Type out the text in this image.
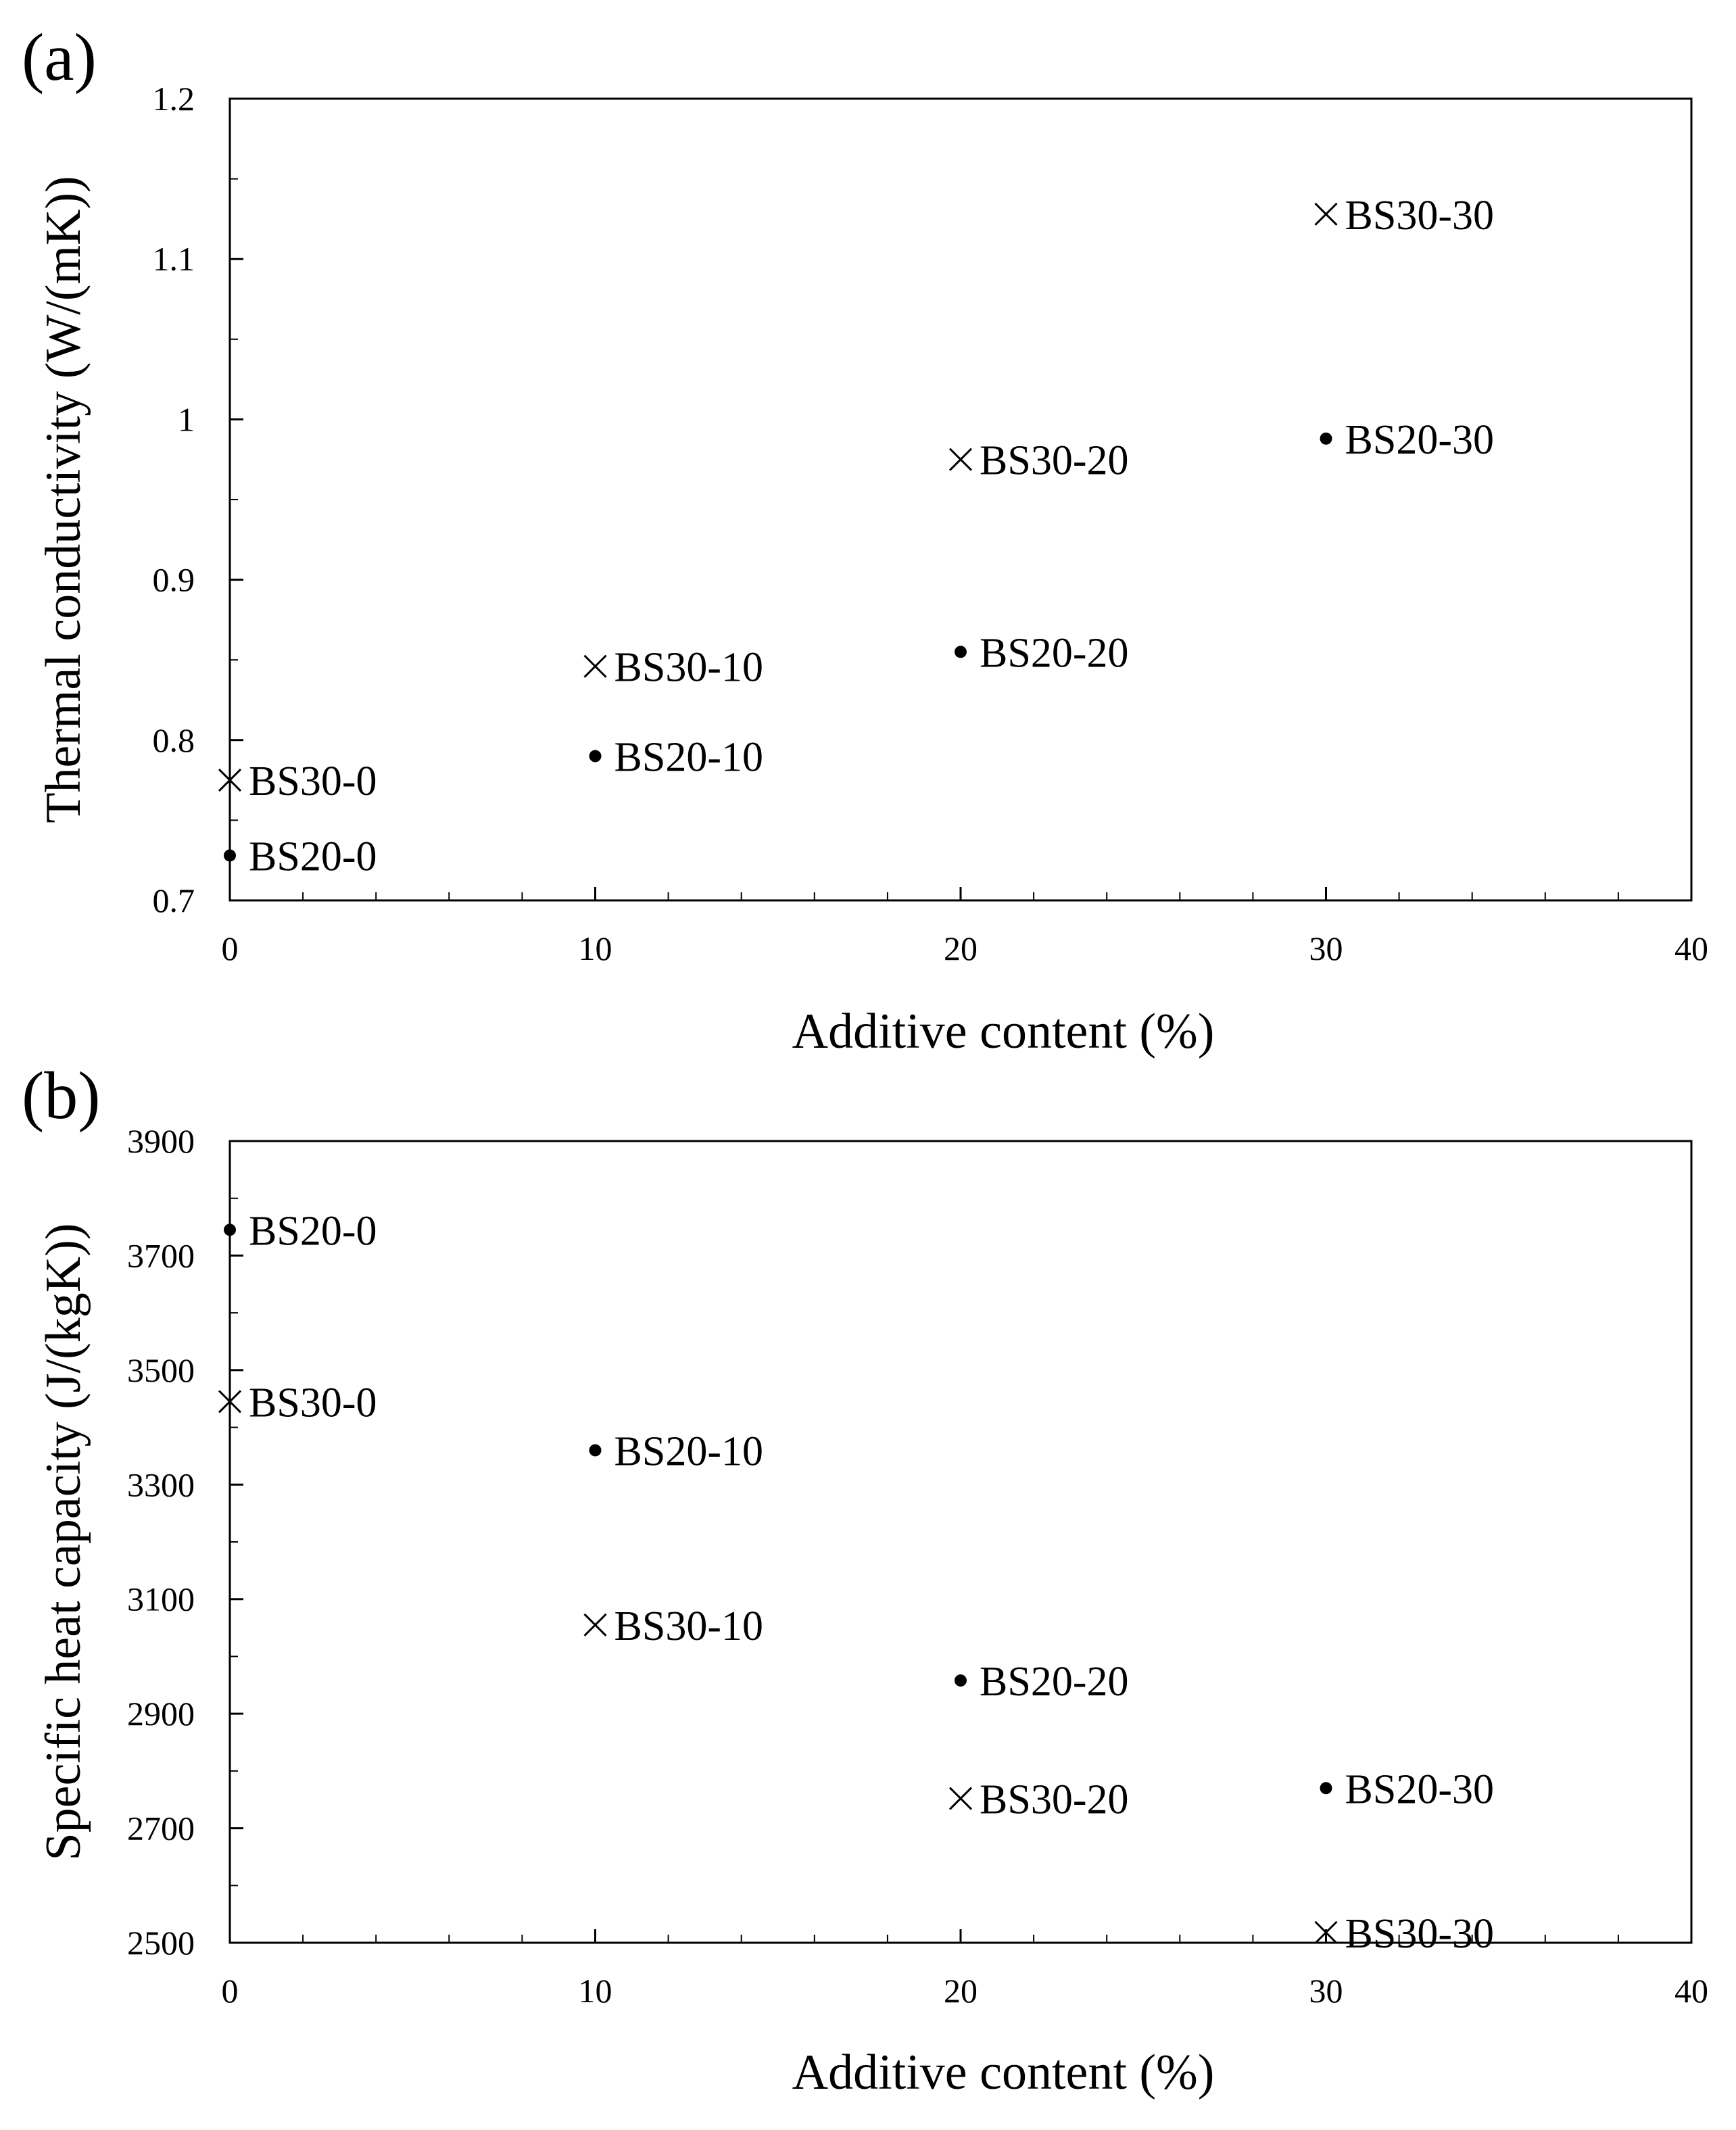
(a)
0	10	20	30	40
0.7
0.8
0.9
1
1.1
1.2
BS20-0
BS20-10
BS20-20
BS20-30
BS30-0
BS30-10
BS30-20
BS30-30
Additive content (%)
Thermal conductivity (W/(mK))
(b)
0	10	20	30	40
2500
2700
2900
3100
3300
3500
3700
3900
BS20-0
BS20-10
BS20-20
BS20-30
BS30-0
BS30-10
BS30-20
BS30-30
Additive content (%)
Specific heat capacity (J/(kgK))
